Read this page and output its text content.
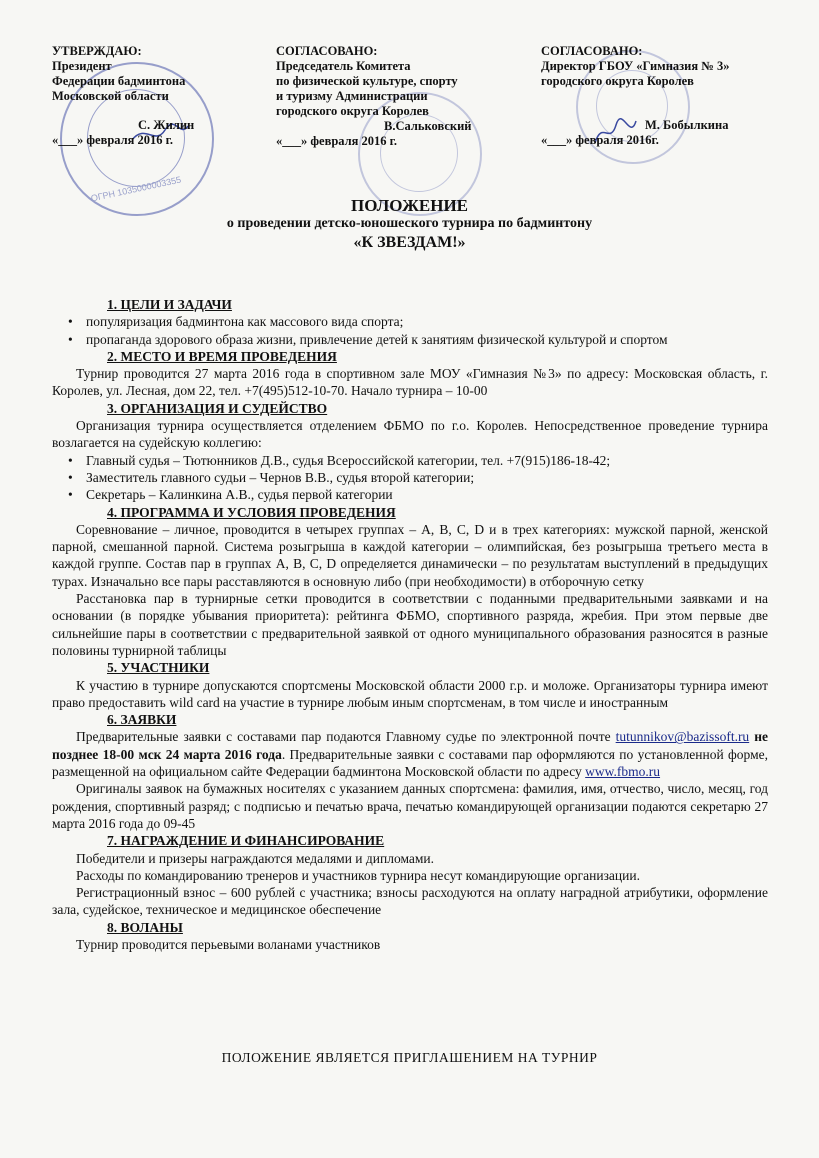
ОГРН 1035000003355
УТВЕРЖДАЮ:
Президент
Федерации бадминтона
Московской области
С. Жилин
«___» февраля 2016 г.
СОГЛАСОВАНО:
Председатель Комитета
по физической культуре, спорту
и туризму Администрации
городского округа Королев
В.Сальковский
«___» февраля 2016 г.
СОГЛАСОВАНО:
Директор ГБОУ «Гимназия № 3»
городского округа Королев
М. Бобылкина
«___» февраля 2016г.
ПОЛОЖЕНИЕ
о проведении детско-юношеского турнира по бадминтону
«К ЗВЕЗДАМ!»
1. ЦЕЛИ И ЗАДАЧИ
• популяризация бадминтона как массового вида спорта;
• пропаганда здорового образа жизни, привлечение детей к занятиям физической культурой и спортом
2. МЕСТО И ВРЕМЯ ПРОВЕДЕНИЯ
Турнир проводится 27 марта 2016 года в спортивном зале МОУ «Гимназия №3» по адресу: Московская область, г. Королев, ул. Лесная, дом 22, тел. +7(495)512-10-70. Начало турнира – 10-00
3. ОРГАНИЗАЦИЯ И СУДЕЙСТВО
Организация турнира осуществляется отделением ФБМО по г.о. Королев. Непосредственное проведение турнира возлагается на судейскую коллегию:
• Главный судья – Тютюнников Д.В., судья Всероссийской категории, тел. +7(915)186-18-42;
• Заместитель главного судьи – Чернов В.В., судья второй категории;
• Секретарь – Калинкина А.В., судья первой категории
4. ПРОГРАММА И УСЛОВИЯ ПРОВЕДЕНИЯ
Соревнование – личное, проводится в четырех группах – A, B, C, D и в трех категориях: мужской парной, женской парной, смешанной парной. Система розыгрыша в каждой категории – олимпийская, без розыгрыша третьего места в каждой группе. Состав пар в группах A, B, C, D определяется динамически – по результатам выступлений в предыдущих турах. Изначально все пары расставляются в основную либо (при необходимости) в отборочную сетку
Расстановка пар в турнирные сетки проводится в соответствии с поданными предварительными заявками и на основании (в порядке убывания приоритета): рейтинга ФБМО, спортивного разряда, жребия. При этом первые две сильнейшие пары в соответствии с предварительной заявкой от одного муниципального образования разносятся в разные половины турнирной таблицы
5. УЧАСТНИКИ
К участию в турнире допускаются спортсмены Московской области 2000 г.р. и моложе. Организаторы турнира имеют право предоставить wild card на участие в турнире любым иным спортсменам, в том числе и иностранным
6. ЗАЯВКИ
Предварительные заявки с составами пар подаются Главному судье по электронной почте tutunnikov@bazissoft.ru не позднее 18-00 мск 24 марта 2016 года. Предварительные заявки с составами пар оформляются по установленной форме, размещенной на официальном сайте Федерации бадминтона Московской области по адресу www.fbmo.ru
Оригиналы заявок на бумажных носителях с указанием данных спортсмена: фамилия, имя, отчество, число, месяц, год рождения, спортивный разряд; с подписью и печатью врача, печатью командирующей организации подаются секретарю 27 марта 2016 года до 09-45
7. НАГРАЖДЕНИЕ И ФИНАНСИРОВАНИЕ
Победители и призеры награждаются медалями и дипломами.
Расходы по командированию тренеров и участников турнира несут командирующие организации.
Регистрационный взнос – 600 рублей с участника; взносы расходуются на оплату наградной атрибутики, оформление зала, судейское, техническое и медицинское обеспечение
8. ВОЛАНЫ
Турнир проводится перьевыми воланами участников
ПОЛОЖЕНИЕ ЯВЛЯЕТСЯ ПРИГЛАШЕНИЕМ НА ТУРНИР
